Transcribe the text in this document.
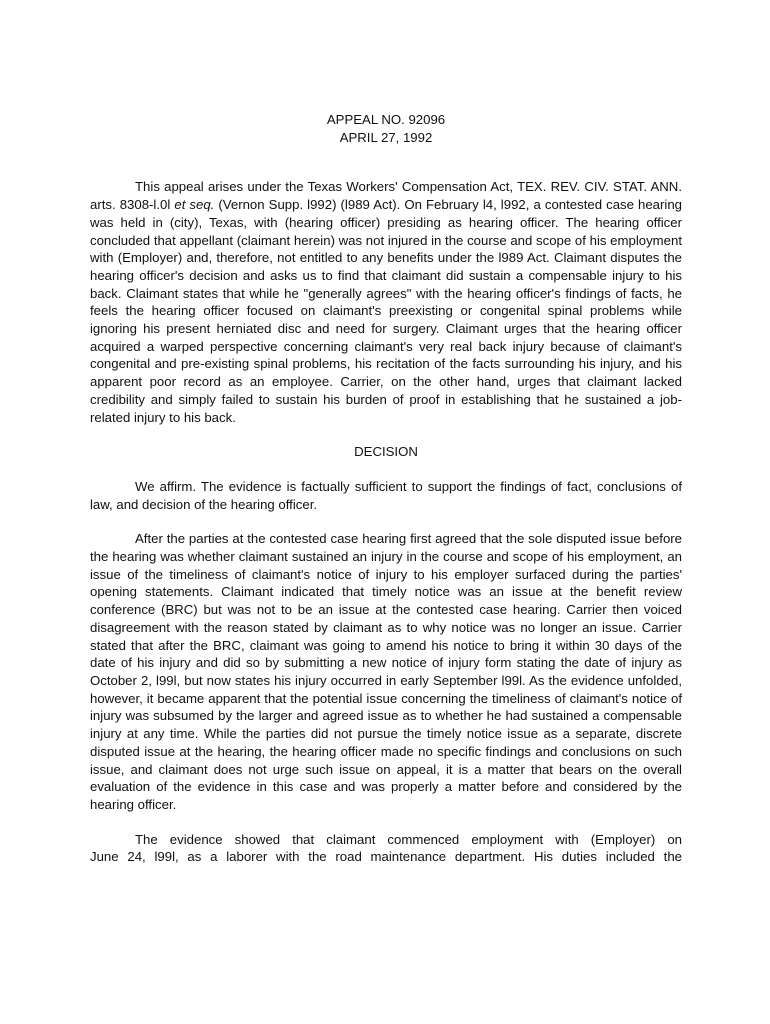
APPEAL NO. 92096
APRIL 27, 1992

This appeal arises under the Texas Workers' Compensation Act, TEX. REV. CIV. STAT. ANN. arts. 8308-l.0l et seq. (Vernon Supp. l992) (l989 Act). On February l4, l992, a contested case hearing was held in (city), Texas, with (hearing officer) presiding as hearing officer. The hearing officer concluded that appellant (claimant herein) was not injured in the course and scope of his employment with (Employer) and, therefore, not entitled to any benefits under the l989 Act. Claimant disputes the hearing officer's decision and asks us to find that claimant did sustain a compensable injury to his back. Claimant states that while he "generally agrees" with the hearing officer's findings of facts, he feels the hearing officer focused on claimant's preexisting or congenital spinal problems while ignoring his present herniated disc and need for surgery. Claimant urges that the hearing officer acquired a warped perspective concerning claimant's very real back injury because of claimant's congenital and pre-existing spinal problems, his recitation of the facts surrounding his injury, and his apparent poor record as an employee. Carrier, on the other hand, urges that claimant lacked credibility and simply failed to sustain his burden of proof in establishing that he sustained a job-related injury to his back.

DECISION

We affirm. The evidence is factually sufficient to support the findings of fact, conclusions of law, and decision of the hearing officer.

After the parties at the contested case hearing first agreed that the sole disputed issue before the hearing was whether claimant sustained an injury in the course and scope of his employment, an issue of the timeliness of claimant's notice of injury to his employer surfaced during the parties' opening statements. Claimant indicated that timely notice was an issue at the benefit review conference (BRC) but was not to be an issue at the contested case hearing. Carrier then voiced disagreement with the reason stated by claimant as to why notice was no longer an issue. Carrier stated that after the BRC, claimant was going to amend his notice to bring it within 30 days of the date of his injury and did so by submitting a new notice of injury form stating the date of injury as October 2, l99l, but now states his injury occurred in early September l99l. As the evidence unfolded, however, it became apparent that the potential issue concerning the timeliness of claimant's notice of injury was subsumed by the larger and agreed issue as to whether he had sustained a compensable injury at any time. While the parties did not pursue the timely notice issue as a separate, discrete disputed issue at the hearing, the hearing officer made no specific findings and conclusions on such issue, and claimant does not urge such issue on appeal, it is a matter that bears on the overall evaluation of the evidence in this case and was properly a matter before and considered by the hearing officer.

The evidence showed that claimant commenced employment with (Employer) on
June 24, l99l, as a laborer with the road maintenance department. His duties included the
